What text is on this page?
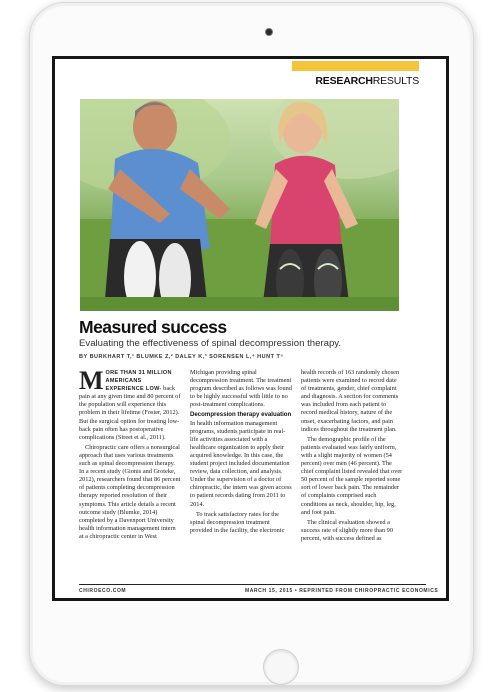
RESEARCHRESULTS
Measured success
Evaluating the effectiveness of spinal decompression therapy.
BY BURKHART T,¹ BLUMKE Z,² DALEY K,³ SORENSEN L,⁴ HUNT T⁵

MORE THAN 31 MILLION AMERICANS EXPERIENCE LOW- back pain at any given time and 80 percent of the population will experience this problem in their lifetime (Foster, 2012). But the surgical option for treating low-back pain often has postoperative complications (Street et al., 2011).

Chiropractic care offers a nonsurgical approach that uses various treatments such as spinal decompression therapy. In a recent study (Gionis and Groteke, 2012), researchers found that 86 percent of patients completing decompression therapy reported resolution of their symptoms. This article details a recent outcome study (Blumke, 2014) completed by a Davenport University health information management intern at a chiropractic center in West

Michigan providing spinal decompression treatment. The treatment program described as follows was found to be highly successful with little to no post-treatment complications.

Decompression therapy evaluation

In health information management programs, students participate in real-life activities associated with a healthcare organization to apply their acquired knowledge. In this case, the student project included documentation review, data collection, and analysis. Under the supervision of a doctor of chiropractic, the intern was given access to patient records dating from 2011 to 2014.

To track satisfactory rates for the spinal decompression treatment provided in the facility, the electronic

health records of 163 randomly chosen patients were examined to record date of treatments, gender, chief complaint and diagnosis. A section for comments was included from each patient to record medical history, nature of the onset, exacerbating factors, and pain indices throughout the treatment plan.

The demographic profile of the patients evaluated was fairly uniform, with a slight majority of women (54 percent) over men (46 percent). The chief complaint listed revealed that over 50 percent of the sample reported some sort of lower back pain. The remainder of complaints comprised such conditions as neck, shoulder, hip, leg, and foot pain.

The clinical evaluation showed a success rate of slightly more than 90 percent, with success defined as

CHIROECO.COM	MARCH 15, 2015 • REPRINTED FROM CHIROPRACTIC ECONOMICS
